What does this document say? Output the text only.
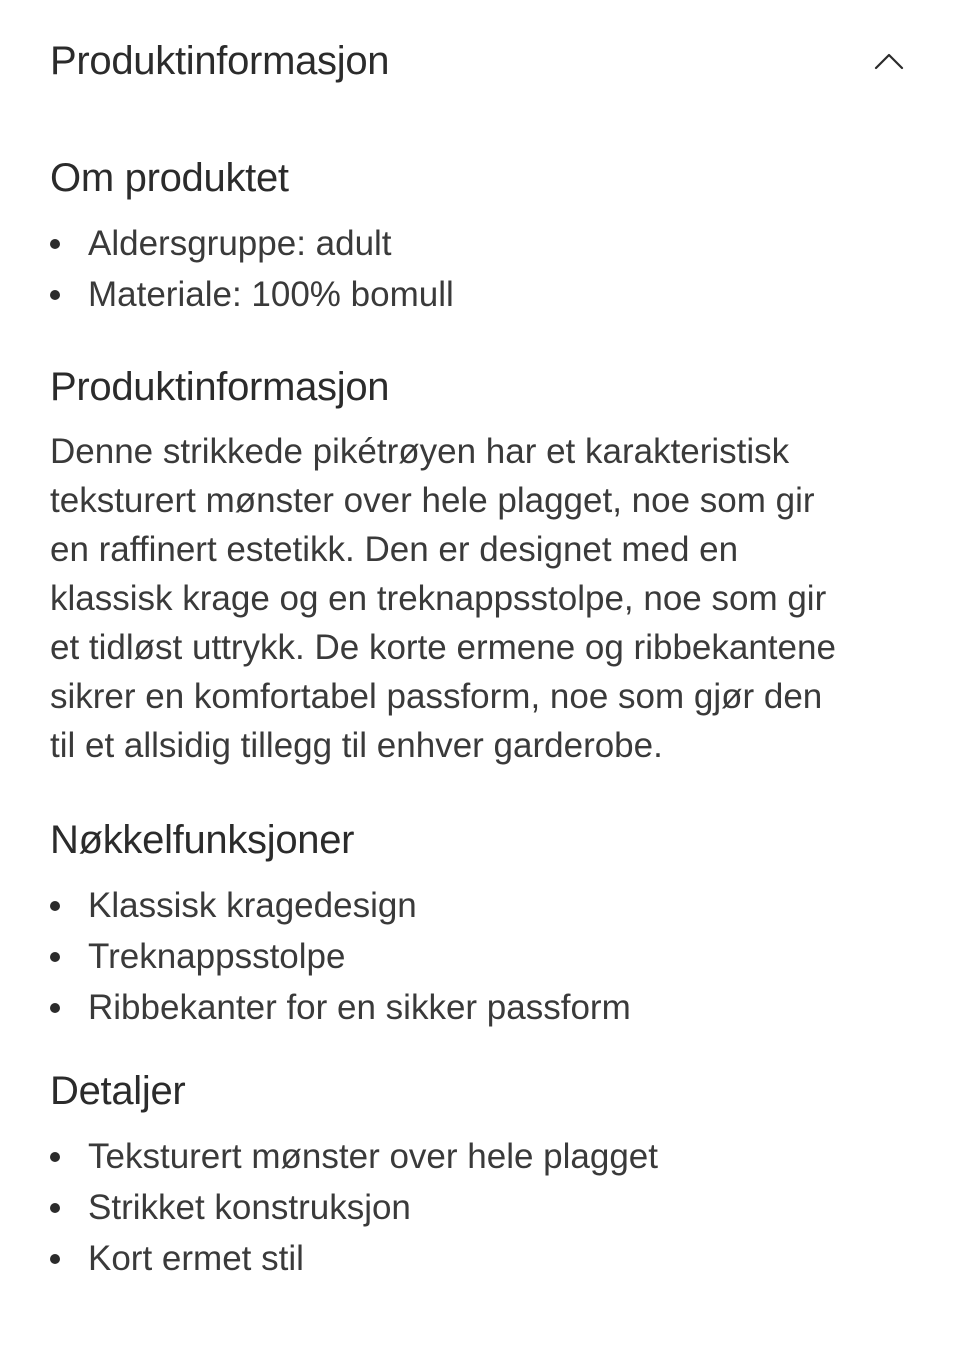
Produktinformasjon
Om produktet
Aldersgruppe: adult
Materiale: 100% bomull
Produktinformasjon

Denne strikkede pikétrøyen har et karakteristisk
teksturert mønster over hele plagget, noe som gir
en raffinert estetikk. Den er designet med en
klassisk krage og en treknappsstolpe, noe som gir
et tidløst uttrykk. De korte ermene og ribbekantene
sikrer en komfortabel passform, noe som gjør den
til et allsidig tillegg til enhver garderobe.

Nøkkelfunksjoner
Klassisk kragedesign
Treknappsstolpe
Ribbekanter for en sikker passform
Detaljer
Teksturert mønster over hele plagget
Strikket konstruksjon
Kort ermet stil
